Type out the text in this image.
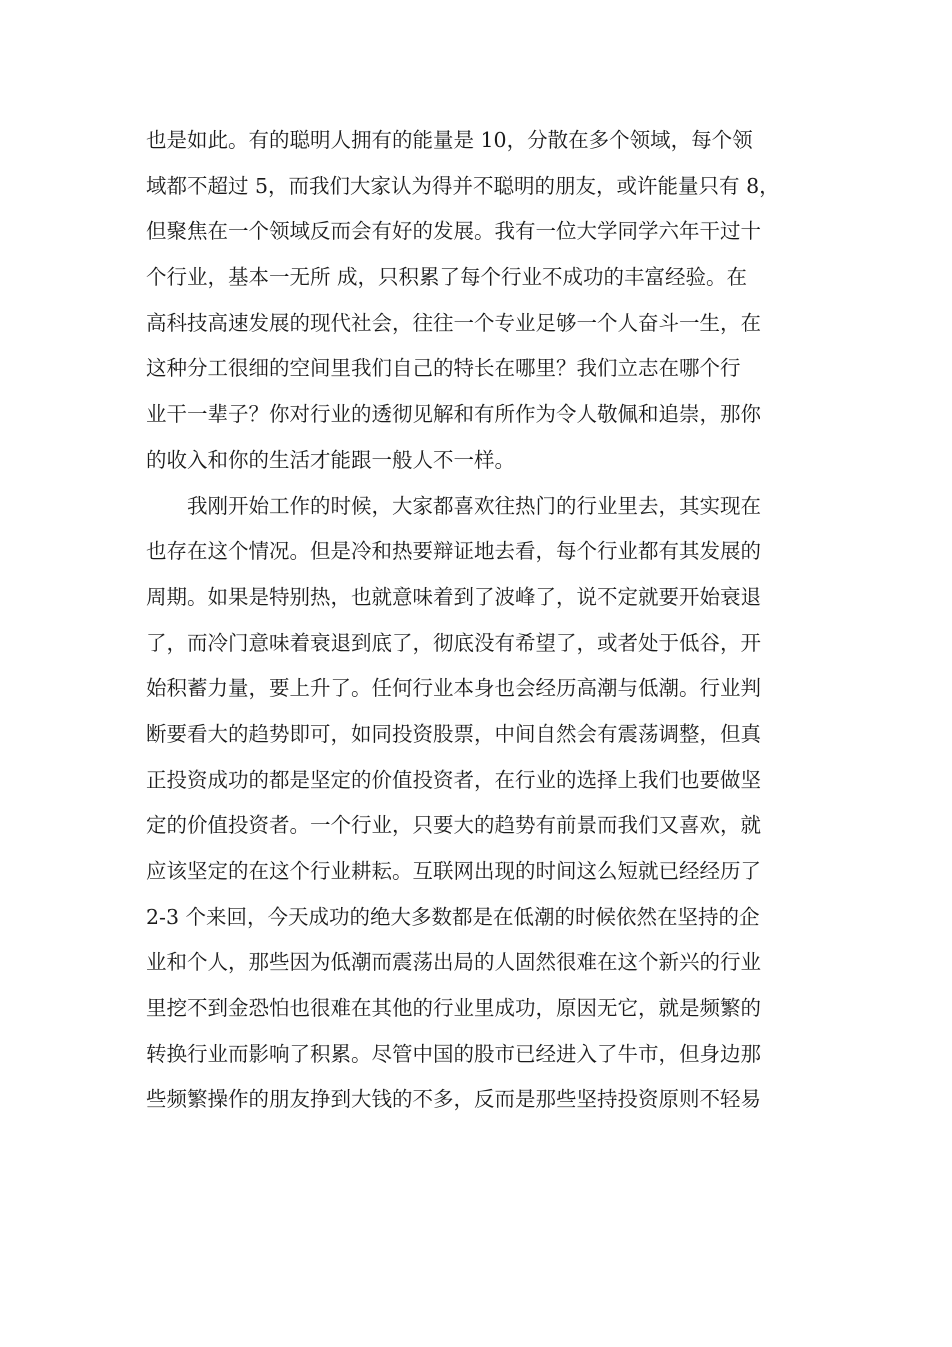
也是如此。有的聪明人拥有的能量是 10，分散在多个领域，每个领
域都不超过 5，而我们大家认为得并不聪明的朋友，或许能量只有 8，
但聚焦在一个领域反而会有好的发展。我有一位大学同学六年干过十
个行业，基本一无所 成，只积累了每个行业不成功的丰富经验。在
高科技高速发展的现代社会，往往一个专业足够一个人奋斗一生，在
这种分工很细的空间里我们自己的特长在哪里？我们立志在哪个行
业干一辈子？你对行业的透彻见解和有所作为令人敬佩和追崇，那你
的收入和你的生活才能跟一般人不一样。
我刚开始工作的时候，大家都喜欢往热门的行业里去，其实现在
也存在这个情况。但是冷和热要辩证地去看，每个行业都有其发展的
周期。如果是特别热，也就意味着到了波峰了，说不定就要开始衰退
了，而冷门意味着衰退到底了，彻底没有希望了，或者处于低谷，开
始积蓄力量，要上升了。任何行业本身也会经历高潮与低潮。行业判
断要看大的趋势即可，如同投资股票，中间自然会有震荡调整，但真
正投资成功的都是坚定的价值投资者，在行业的选择上我们也要做坚
定的价值投资者。一个行业，只要大的趋势有前景而我们又喜欢，就
应该坚定的在这个行业耕耘。互联网出现的时间这么短就已经经历了
2-3 个来回，今天成功的绝大多数都是在低潮的时候依然在坚持的企
业和个人，那些因为低潮而震荡出局的人固然很难在这个新兴的行业
里挖不到金恐怕也很难在其他的行业里成功，原因无它，就是频繁的
转换行业而影响了积累。尽管中国的股市已经进入了牛市，但身边那
些频繁操作的朋友挣到大钱的不多，反而是那些坚持投资原则不轻易
